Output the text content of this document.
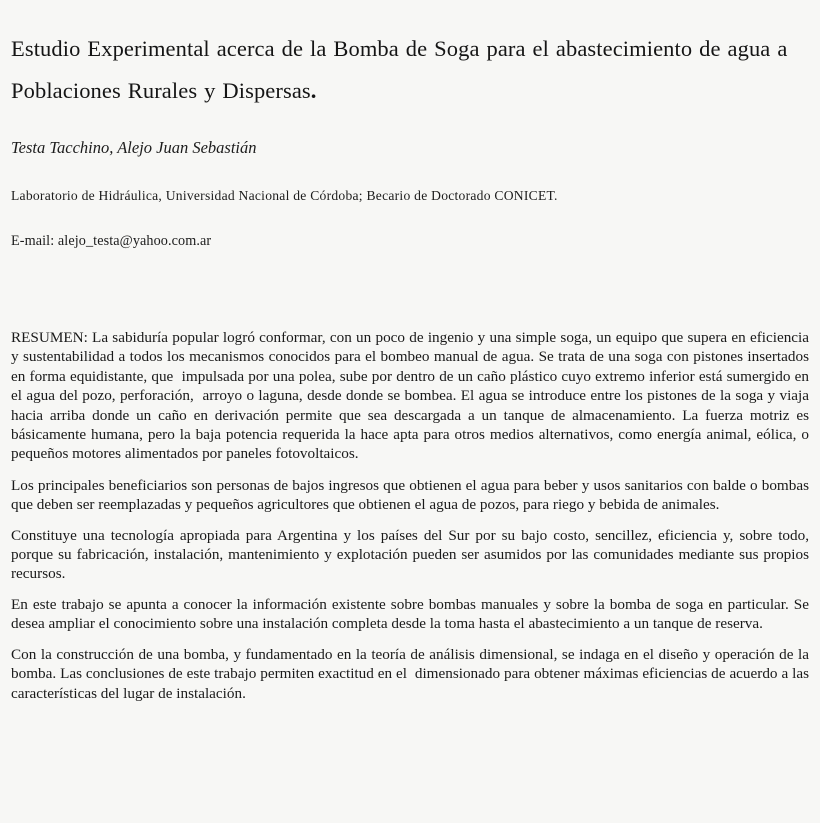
Estudio Experimental acerca de la Bomba de Soga para el abastecimiento de agua a Poblaciones Rurales y Dispersas.

Testa Tacchino, Alejo Juan Sebastián

Laboratorio de Hidráulica, Universidad Nacional de Córdoba; Becario de Doctorado CONICET.

E-mail: alejo_testa@yahoo.com.ar

RESUMEN: La sabiduría popular logró conformar, con un poco de ingenio y una simple soga, un equipo que supera en eficiencia y sustentabilidad a todos los mecanismos conocidos para el bombeo manual de agua. Se trata de una soga con pistones insertados en forma equidistante, que  impulsada por una polea, sube por dentro de un caño plástico cuyo extremo inferior está sumergido en el agua del pozo, perforación,  arroyo o laguna, desde donde se bombea. El agua se introduce entre los pistones de la soga y viaja hacia arriba donde un caño en derivación permite que sea descargada a un tanque de almacenamiento. La fuerza motriz es básicamente humana, pero la baja potencia requerida la hace apta para otros medios alternativos, como energía animal, eólica, o pequeños motores alimentados por paneles fotovoltaicos.

Los principales beneficiarios son personas de bajos ingresos que obtienen el agua para beber y usos sanitarios con balde o bombas que deben ser reemplazadas y pequeños agricultores que obtienen el agua de pozos, para riego y bebida de animales.

Constituye una tecnología apropiada para Argentina y los países del Sur por su bajo costo, sencillez, eficiencia y, sobre todo, porque su fabricación, instalación, mantenimiento y explotación pueden ser asumidos por las comunidades mediante sus propios recursos.

En este trabajo se apunta a conocer la información existente sobre bombas manuales y sobre la bomba de soga en particular. Se desea ampliar el conocimiento sobre una instalación completa desde la toma hasta el abastecimiento a un tanque de reserva.

Con la construcción de una bomba, y fundamentado en la teoría de análisis dimensional, se indaga en el diseño y operación de la bomba. Las conclusiones de este trabajo permiten exactitud en el  dimensionado para obtener máximas eficiencias de acuerdo a las características del lugar de instalación.
